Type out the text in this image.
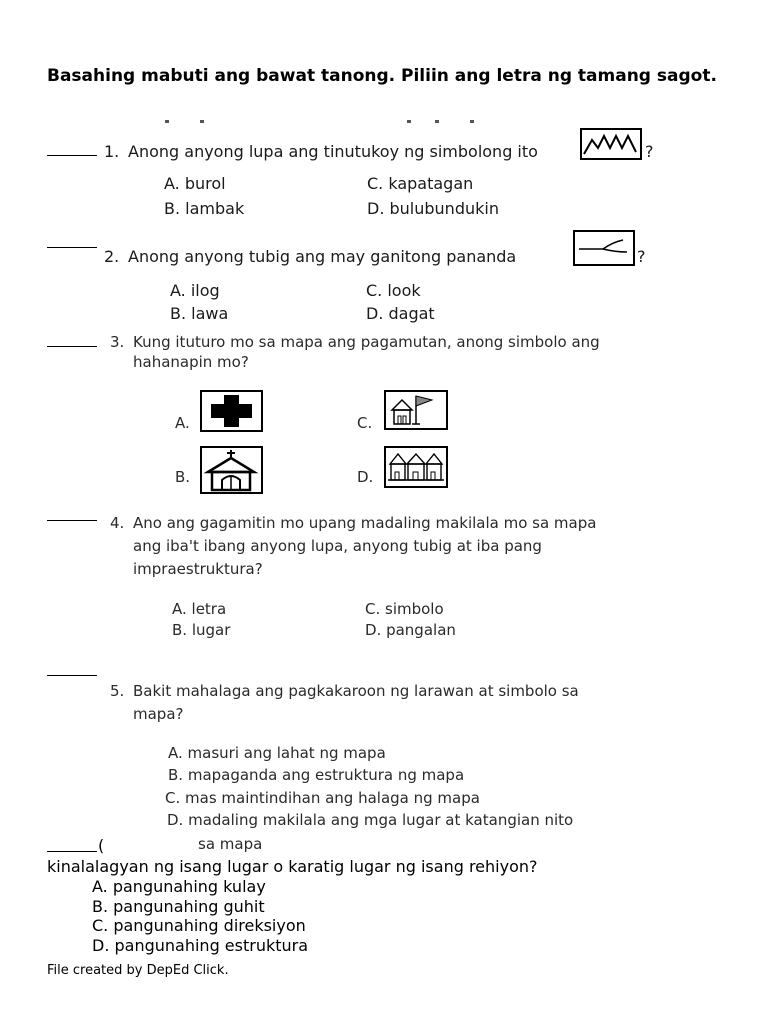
Basahing mabuti ang bawat tanong. Piliin ang letra ng tamang sagot.
1. Anong anyong lupa ang tinutukoy ng simbolong ito	?
A. burol	C. kapatagan
B. lambak	D. bulubundukin
2. Anong anyong tubig ang may ganitong pananda	?
A. ilog	C. look
B. lawa	D. dagat
3. Kung ituturo mo sa mapa ang pagamutan, anong simbolo ang
hahanapin mo?
A.	C.
B.	D.
4. Ano ang gagamitin mo upang madaling makilala mo sa mapa
ang iba't ibang anyong lupa, anyong tubig at iba pang
impraestruktura?
A. letra	C. simbolo
B. lugar	D. pangalan
5. Bakit mahalaga ang pagkakaroon ng larawan at simbolo sa
mapa?
A. masuri ang lahat ng mapa
B. mapaganda ang estruktura ng mapa
C. mas maintindihan ang halaga ng mapa
D. madaling makilala ang mga lugar at katangian nito
sa mapa
(
kinalalagyan ng isang lugar o karatig lugar ng isang rehiyon?
A. pangunahing kulay
B. pangunahing guhit
C. pangunahing direksiyon
D. pangunahing estruktura
File created by DepEd Click.
